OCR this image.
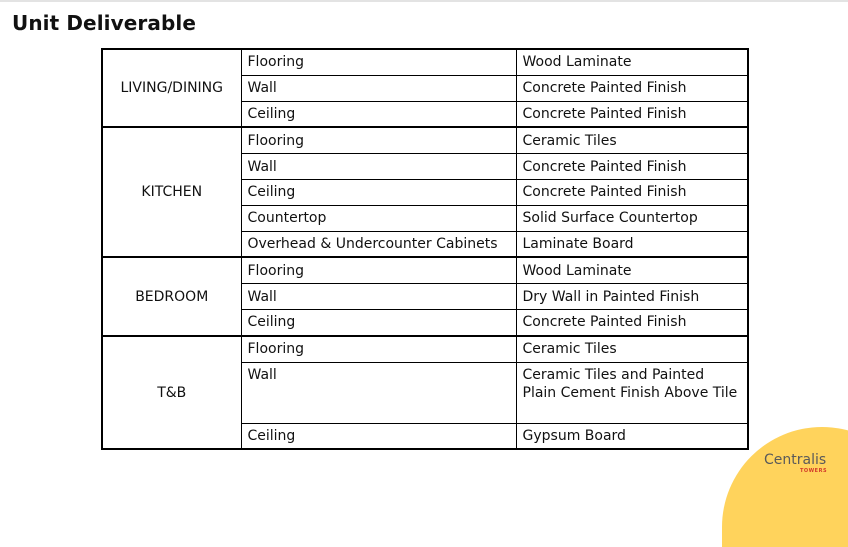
Unit Deliverable
LIVING/DINING	Flooring	Wood Laminate
	Wall	Concrete Painted Finish
	Ceiling	Concrete Painted Finish
KITCHEN	Flooring	Ceramic Tiles
	Wall	Concrete Painted Finish
	Ceiling	Concrete Painted Finish
	Countertop	Solid Surface Countertop
	Overhead & Undercounter Cabinets	Laminate Board
BEDROOM	Flooring	Wood Laminate
	Wall	Dry Wall in Painted Finish
	Ceiling	Concrete Painted Finish
T&B	Flooring	Ceramic Tiles
	Wall	Ceramic Tiles and Painted Plain Cement Finish Above Tile
	Ceiling	Gypsum Board
Centralis
TOWERS
